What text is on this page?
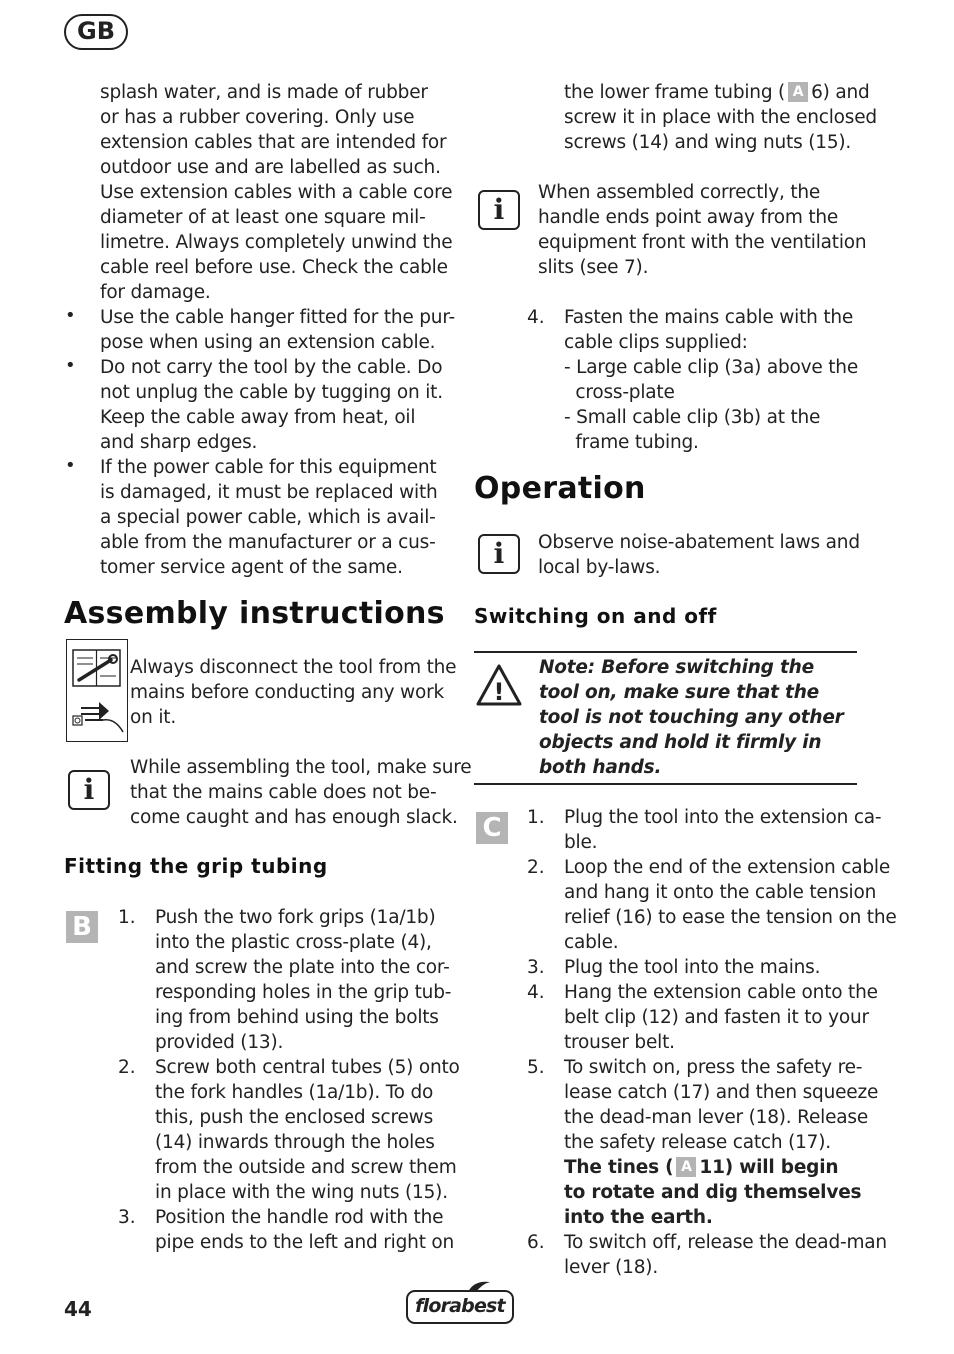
GB
splash water, and is made of rubber
or has a rubber covering. Only use
extension cables that are intended for
outdoor use and are labelled as such.
Use extension cables with a cable core
diameter of at least one square mil-
limetre. Always completely unwind the
cable reel before use. Check the cable
for damage.
• Use the cable hanger fitted for the pur-
pose when using an extension cable.
• Do not carry the tool by the cable. Do
not unplug the cable by tugging on it.
Keep the cable away from heat, oil
and sharp edges.
• If the power cable for this equipment
is damaged, it must be replaced with
a special power cable, which is avail-
able from the manufacturer or a cus-
tomer service agent of the same.
Assembly instructions
Always disconnect the tool from the
mains before conducting any work
on it.
i
While assembling the tool, make sure
that the mains cable does not be-
come caught and has enough slack.
Fitting the grip tubing
B	1. Push the two fork grips (1a/1b)
into the plastic cross-plate (4),
and screw the plate into the cor-
responding holes in the grip tub-
ing from behind using the bolts
provided (13).
2. Screw both central tubes (5) onto
the fork handles (1a/1b). To do
this, push the enclosed screws
(14) inwards through the holes
from the outside and screw them
in place with the wing nuts (15).
3. Position the handle rod with the
pipe ends to the left and right on
the lower frame tubing ( A 6) and
screw it in place with the enclosed
screws (14) and wing nuts (15).
i
When assembled correctly, the
handle ends point away from the
equipment front with the ventilation
slits (see 7).
4. Fasten the mains cable with the
cable clips supplied:
- Large cable clip (3a) above the
cross-plate
- Small cable clip (3b) at the
frame tubing.
Operation
i	Observe noise-abatement laws and
local by-laws.
Switching on and off
!
Note: Before switching the
tool on, make sure that the
tool is not touching any other
objects and hold it firmly in
both hands.
C	1. Plug the tool into the extension ca-
ble.
2. Loop the end of the extension cable
and hang it onto the cable tension
relief (16) to ease the tension on the
cable.
3. Plug the tool into the mains.
4. Hang the extension cable onto the
belt clip (12) and fasten it to your
trouser belt.
5. To switch on, press the safety re-
lease catch (17) and then squeeze
the dead-man lever (18). Release
the safety release catch (17).
The tines ( A 11) will begin
to rotate and dig themselves
into the earth.
6. To switch off, release the dead-man
lever (18).
44	florabest
